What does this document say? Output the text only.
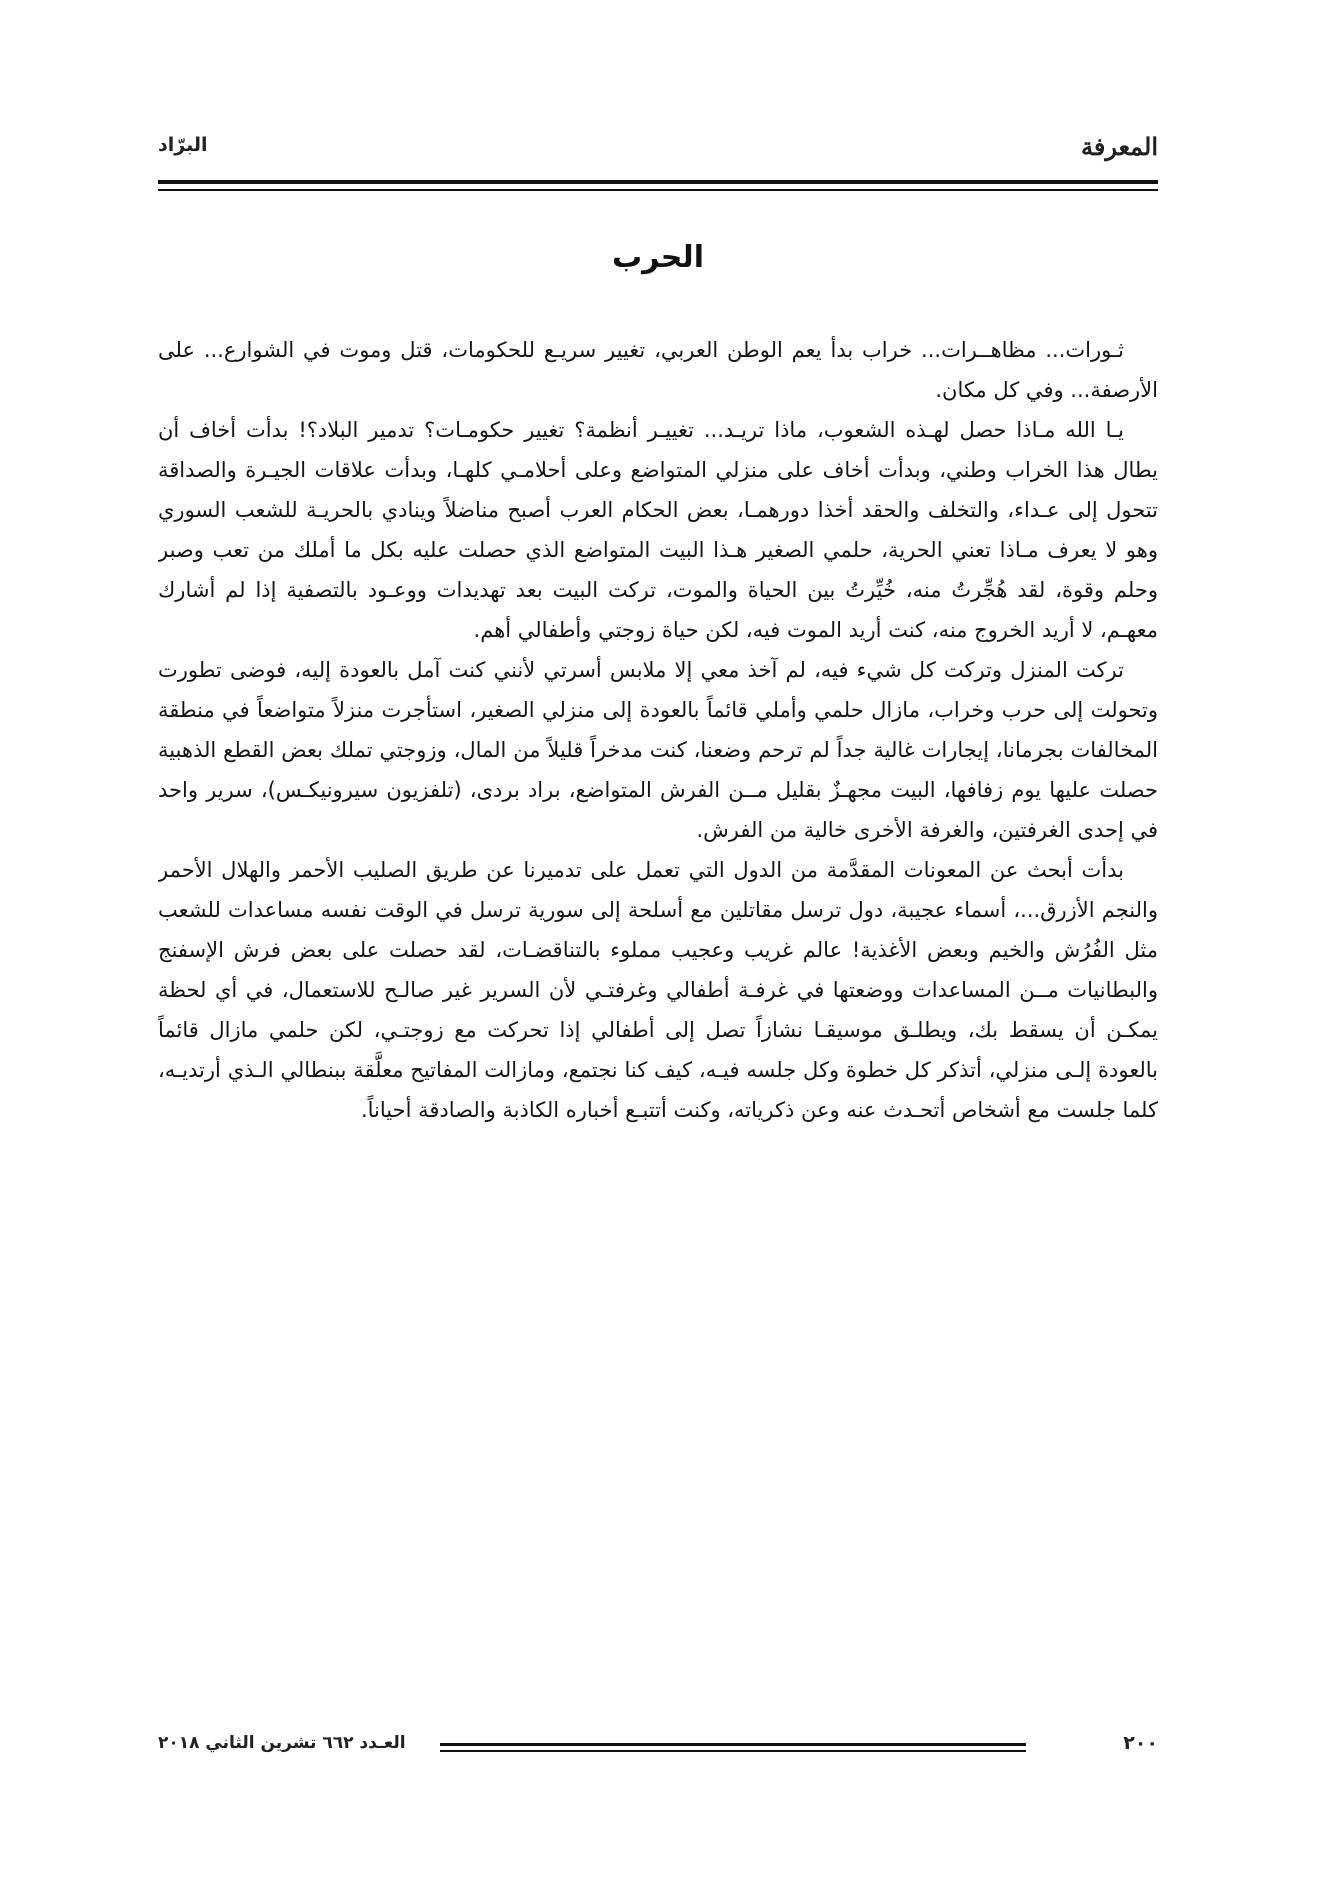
المعرفة
البرّاد
الحرب

ثـورات... مظاهــرات... خراب بدأ يعم الوطن العربي، تغيير سريـع للحكومات، قتل وموت في الشوارع... على الأرصفة... وفي كل مكان.

يـا الله مـاذا حصل لهـذه الشعوب، ماذا تريـد... تغييـر أنظمة؟ تغيير حكومـات؟ تدمير البلاد؟! بدأت أخاف أن يطال هذا الخراب وطني، وبدأت أخاف على منزلي المتواضع وعلى أحلامـي كلهـا، وبدأت علاقات الجيـرة والصداقة تتحول إلى عـداء، والتخلف والحقد أخذا دورهمـا، بعض الحكام العرب أصبح مناضلاً وينادي بالحريـة للشعب السوري وهو لا يعرف مـاذا تعني الحرية، حلمي الصغير هـذا البيت المتواضع الذي حصلت عليه بكل ما أملك من تعب وصبر وحلم وقوة، لقد هُجِّرتُ منه، خُيِّرتُ بين الحياة والموت، تركت البيت بعد تهديدات ووعـود بالتصفية إذا لم أشارك معهـم، لا أريد الخروج منه، كنت أريد الموت فيه، لكن حياة زوجتي وأطفالي أهم.

تركت المنزل وتركت كل شيء فيه، لم آخذ معي إلا ملابس أسرتي لأنني كنت آمل بالعودة إليه، فوضى تطورت وتحولت إلى حرب وخراب، مازال حلمي وأملي قائماً بالعودة إلى منزلي الصغير، استأجرت منزلاً متواضعاً في منطقة المخالفات بجرمانا، إيجارات غالية جداً لم ترحم وضعنا، كنت مدخراً قليلاً من المال، وزوجتي تملك بعض القطع الذهبية حصلت عليها يوم زفافها، البيت مجهـزٌ بقليل مــن الفرش المتواضع، براد بردى، (تلفزيون سيرونيكـس)، سرير واحد في إحدى الغرفتين، والغرفة الأخرى خالية من الفرش.

بدأت أبحث عن المعونات المقدَّمة من الدول التي تعمل على تدميرنا عن طريق الصليب الأحمر والهلال الأحمر والنجم الأزرق...، أسماء عجيبة، دول ترسل مقاتلين مع أسلحة إلى سورية ترسل في الوقت نفسه مساعدات للشعب مثل الفُرُش والخيم وبعض الأغذية! عالم غريب وعجيب مملوء بالتناقضـات، لقد حصلت على بعض فرش الإسفنج والبطانيات مــن المساعدات ووضعتها في غرفـة أطفالي وغرفتـي لأن السرير غير صالـح للاستعمال، في أي لحظة يمكـن أن يسقط بك، ويطلـق موسيقـا نشازاً تصل إلى أطفالي إذا تحركت مع زوجتـي، لكن حلمي مازال قائماً بالعودة إلـى منزلي، أتذكر كل خطوة وكل جلسه فيـه، كيف كنا نجتمع، ومازالت المفاتيح معلَّقة ببنطالي الـذي أرتديـه، كلما جلست مع أشخاص أتحـدث عنه وعن ذكرياته، وكنت أتتبـع أخباره الكاذبة والصادقة أحياناً.

٢٠٠
العـدد ٦٦٢ تشرين الثاني ٢٠١٨
